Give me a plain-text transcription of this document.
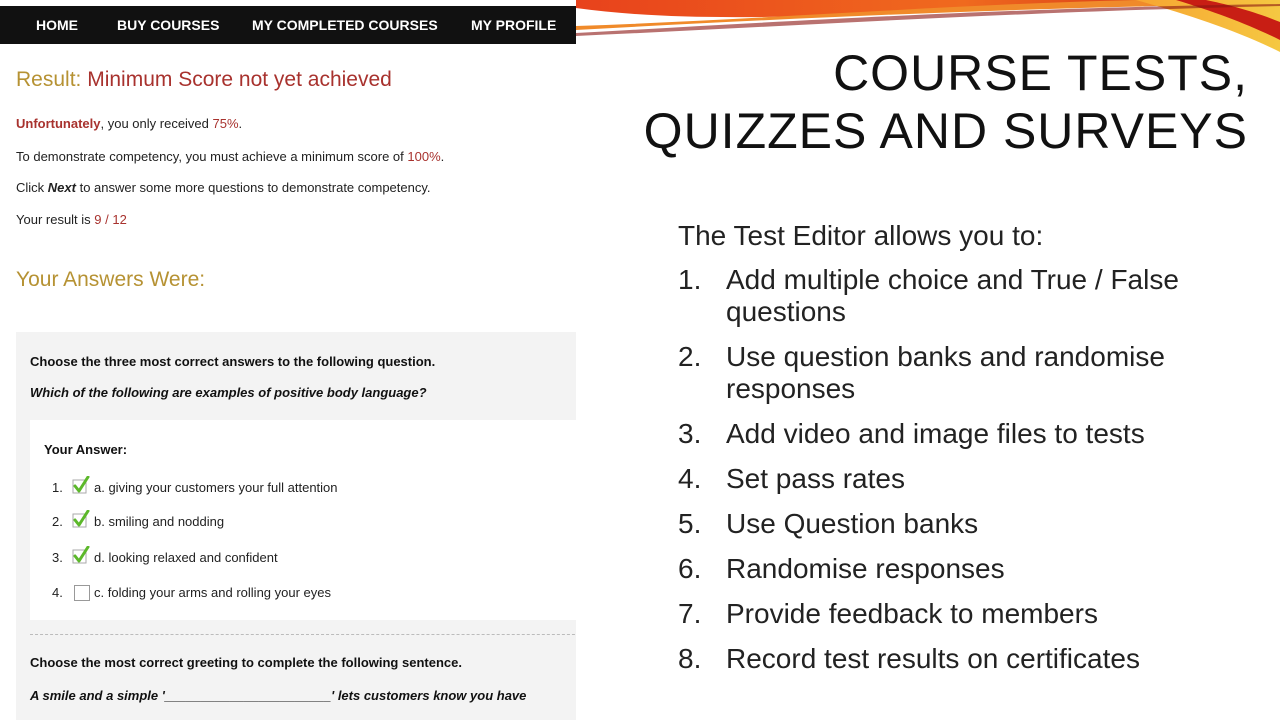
HOME	BUY COURSES MY COMPLETED COURSES MY PROFILE
Result: Minimum Score not yet achieved
Unfortunately, you only received 75%.
To demonstrate competency, you must achieve a minimum score of 100%.
Click Next to answer some more questions to demonstrate competency.
Your result is 9 / 12
Your Answers Were:
Choose the three most correct answers to the following question.
Which of the following are examples of positive body language?
Your Answer:
1. a. giving your customers your full attention
2. b. smiling and nodding
3. d. looking relaxed and confident
4. c. folding your arms and rolling your eyes
Choose the most correct greeting to complete the following sentence.
A smile and a simple '_______________________' lets customers know you have
COURSE TESTS,
QUIZZES AND SURVEYS
The Test Editor allows you to:
1. Add multiple choice and True / False questions
2. Use question banks and randomise responses
3. Add video and image files to tests
4. Set pass rates
5. Use Question banks
6. Randomise responses
7. Provide feedback to members
8. Record test results on certificates
